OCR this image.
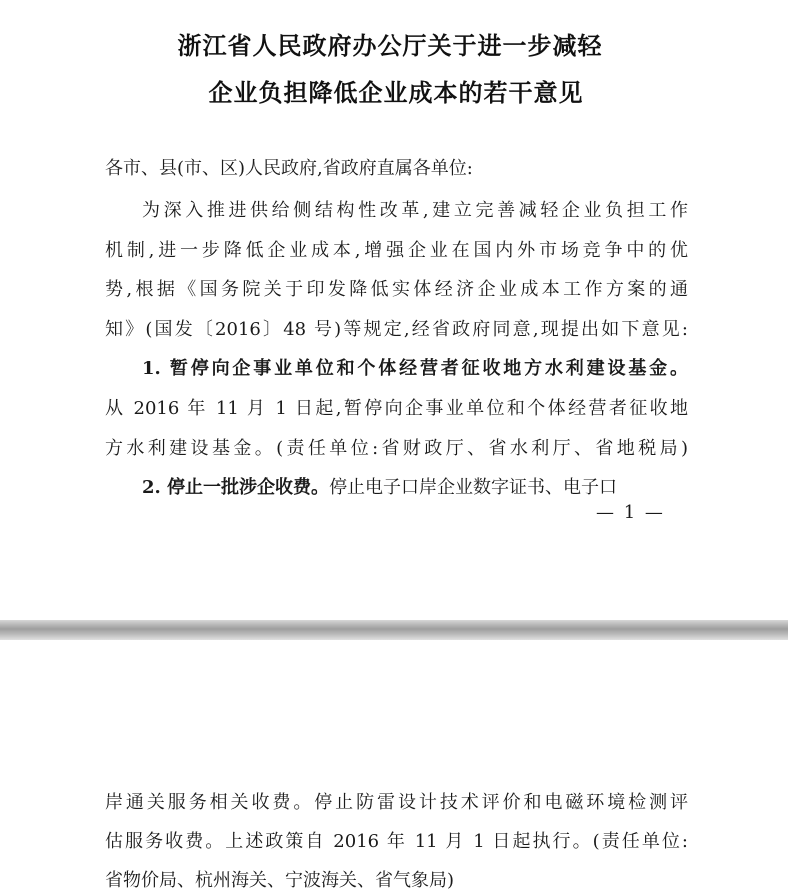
浙江省人民政府办公厅关于进一步减轻
企业负担降低企业成本的若干意见
各市、县(市、区)人民政府,省政府直属各单位:
为深入推进供给侧结构性改革,建立完善减轻企业负担工作
机制,进一步降低企业成本,增强企业在国内外市场竞争中的优
势,根据《国务院关于印发降低实体经济企业成本工作方案的通
知》(国发〔2016〕48 号)等规定,经省政府同意,现提出如下意见:
1. 暂停向企事业单位和个体经营者征收地方水利建设基金。
从 2016 年 11 月 1 日起,暂停向企事业单位和个体经营者征收地
方水利建设基金。(责任单位:省财政厅、省水利厅、省地税局)
2. 停止一批涉企收费。停止电子口岸企业数字证书、电子口
— 1 —
岸通关服务相关收费。停止防雷设计技术评价和电磁环境检测评
估服务收费。上述政策自 2016 年 11 月 1 日起执行。(责任单位:
省物价局、杭州海关、宁波海关、省气象局)
